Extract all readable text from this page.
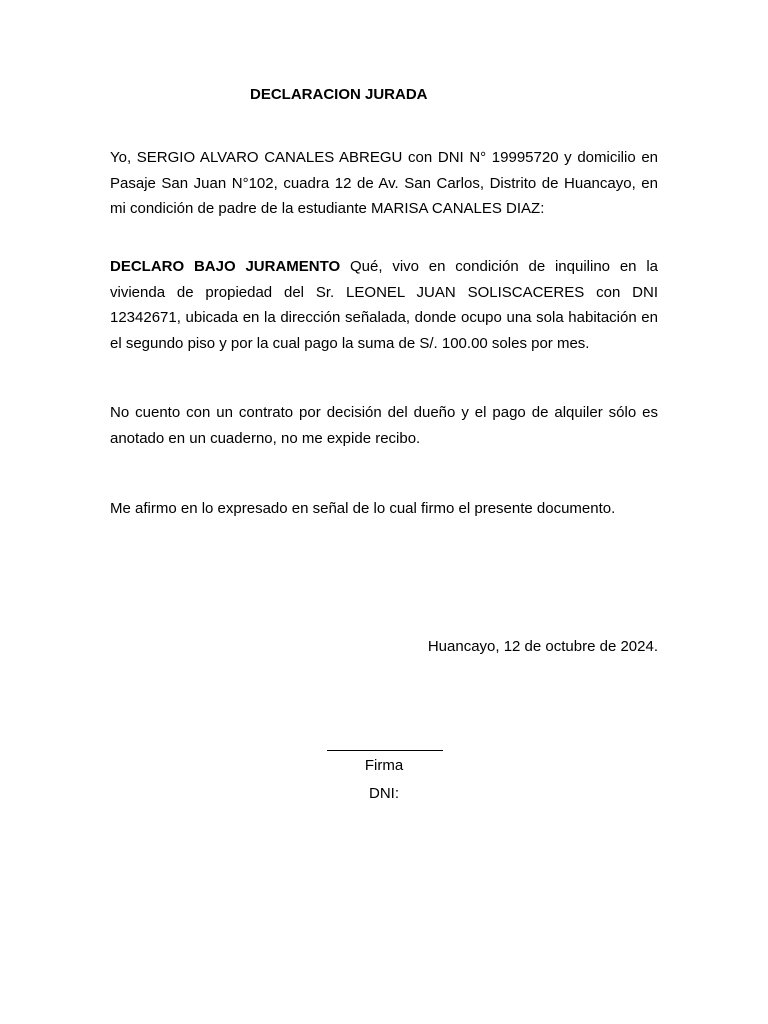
DECLARACION JURADA
Yo, SERGIO ALVARO CANALES ABREGU con DNI N° 19995720 y domicilio en Pasaje San Juan N°102, cuadra 12 de Av. San Carlos, Distrito de Huancayo, en mi condición de padre de la estudiante MARISA CANALES DIAZ:
DECLARO BAJO JURAMENTO Qué, vivo en condición de inquilino en la vivienda de propiedad del Sr. LEONEL JUAN SOLISCACERES con DNI 12342671, ubicada en la dirección señalada, donde ocupo una sola habitación en el segundo piso y por la cual pago la suma de S/. 100.00 soles por mes.
No cuento con un contrato por decisión del dueño y el pago de alquiler sólo es anotado en un cuaderno, no me expide recibo.
Me afirmo en lo expresado en señal de lo cual firmo el presente documento.
Huancayo, 12 de octubre de 2024.
Firma
DNI:
